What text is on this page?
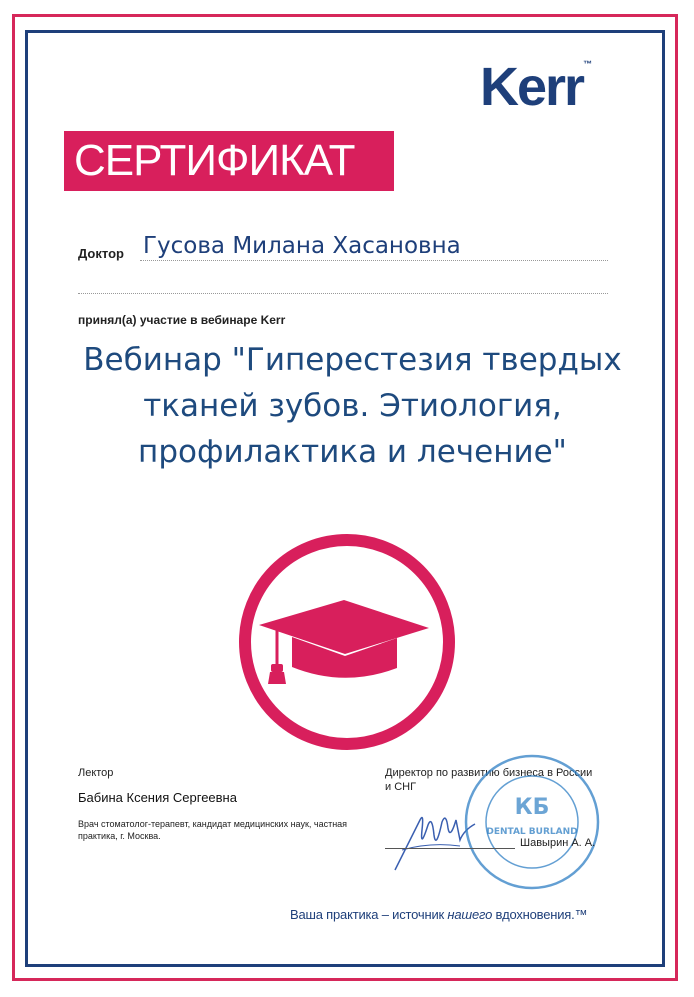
Kerr™
СЕРТИФИКАТ
Доктор Гусова Милана Хасановна
принял(а) участие в вебинаре Kerr
Вебинар "Гиперестезия твердых тканей зубов. Этиология, профилактика и лечение"
Лектор
Бабина Ксения Сергеевна
Врач стоматолог-терапевт, кандидат медицинских наук, частная практика, г. Москва.
Директор по развитию бизнеса в России и СНГ
КБ
DENTAL BURLAND
Шавырин А. А.
Ваша практика – источник нашего вдохновения.™
